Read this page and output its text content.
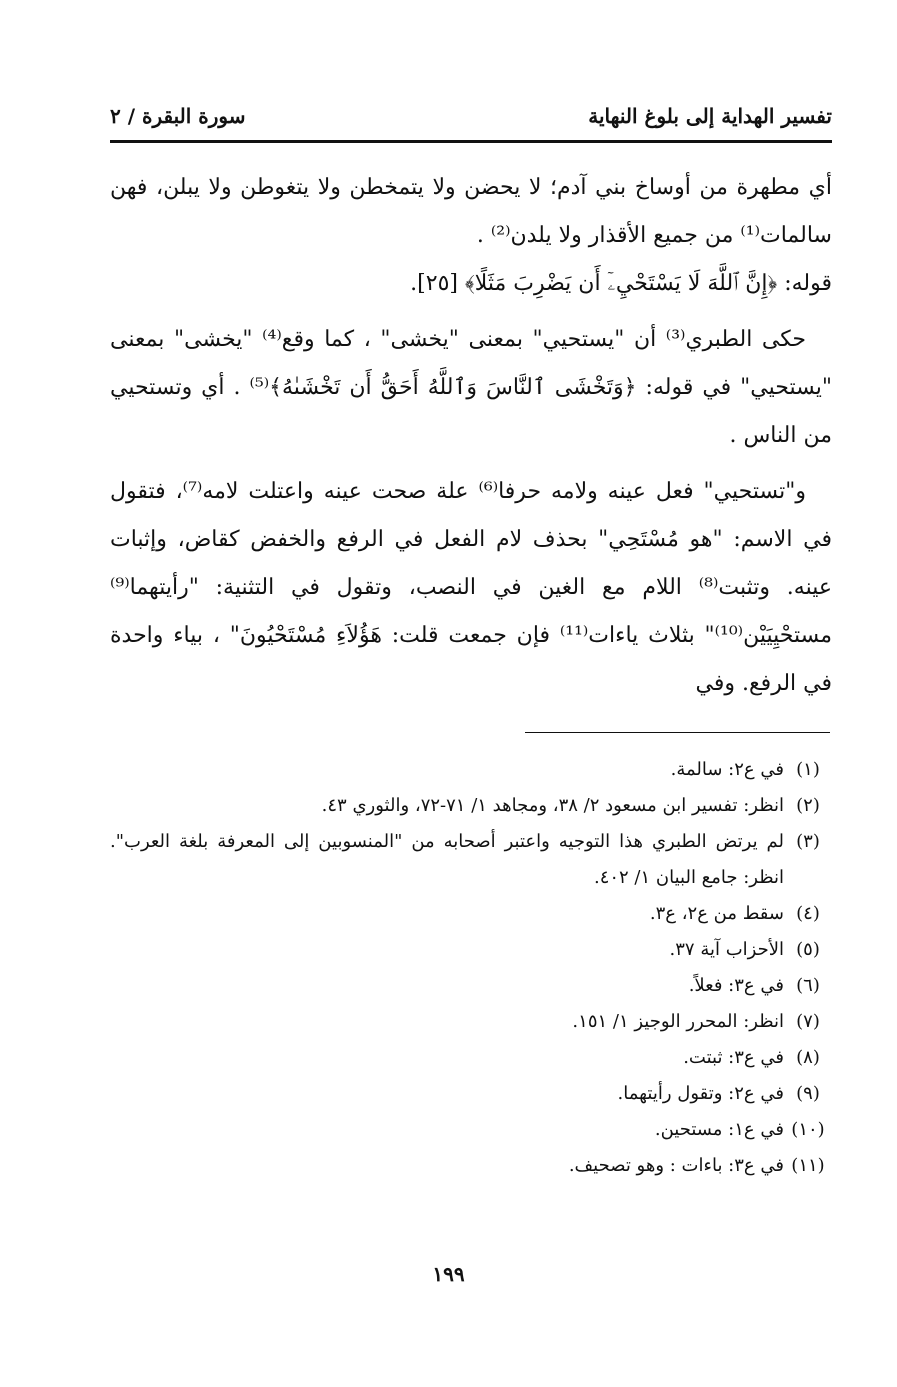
تفسير الهداية إلى بلوغ النهاية
سورة البقرة / ٢

أي مطهرة من أوساخ بني آدم؛ لا يحضن ولا يتمخطن ولا يتغوطن ولا يبلن، فهن سالمات⁽¹⁾ من جميع الأقذار ولا يلدن⁽²⁾ .

قوله: ﴿إِنَّ ٱللَّهَ لَا يَسْتَحْيِۦٓ أَن يَضْرِبَ مَثَلًا﴾ [٢٥].

حكى الطبري⁽³⁾ أن "يستحيي" بمعنى "يخشى" ، كما وقع⁽⁴⁾ "يخشى" بمعنى "يستحيي" في قوله: ﴿وَتَخْشَى ٱلنَّاسَ وَٱللَّهُ أَحَقُّ أَن تَخْشَىٰهُ﴾⁽⁵⁾ . أي وتستحيي من الناس .

و"تستحيي" فعل عينه ولامه حرفا⁽⁶⁾ علة صحت عينه واعتلت لامه⁽⁷⁾، فتقول في الاسم: "هو مُسْتَحِي" بحذف لام الفعل في الرفع والخفض كقاض، وإثبات عينه. وتثبت⁽⁸⁾ اللام مع الغين في النصب، وتقول في التثنية: "رأيتهما⁽⁹⁾ مستحْيِيَيْن⁽¹⁰⁾" بثلاث ياءات⁽¹¹⁾ فإن جمعت قلت: هَؤُلاَءِ مُسْتَحْيُونَ" ، بياء واحدة في الرفع. وفي

(١)
في ع٢: سالمة.
(٢)
انظر: تفسير ابن مسعود ٢/ ٣٨، ومجاهد ١/ ٧١-٧٢، والثوري ٤٣.
(٣)
لم يرتض الطبري هذا التوجيه واعتبر أصحابه من "المنسوبين إلى المعرفة بلغة العرب". انظر: جامع البيان ١/ ٤٠٢.
(٤)
سقط من ع٢، ع٣.
(٥)
الأحزاب آية ٣٧.
(٦)
في ع٣: فعلاً.
(٧)
انظر: المحرر الوجيز ١/ ١٥١.
(٨)
في ع٣: ثبتت.
(٩)
في ع٢: وتقول رأيتهما.
(١٠)
في ع١: مستحين.
(١١)
في ع٣: باءات : وهو تصحيف.
١٩٩
